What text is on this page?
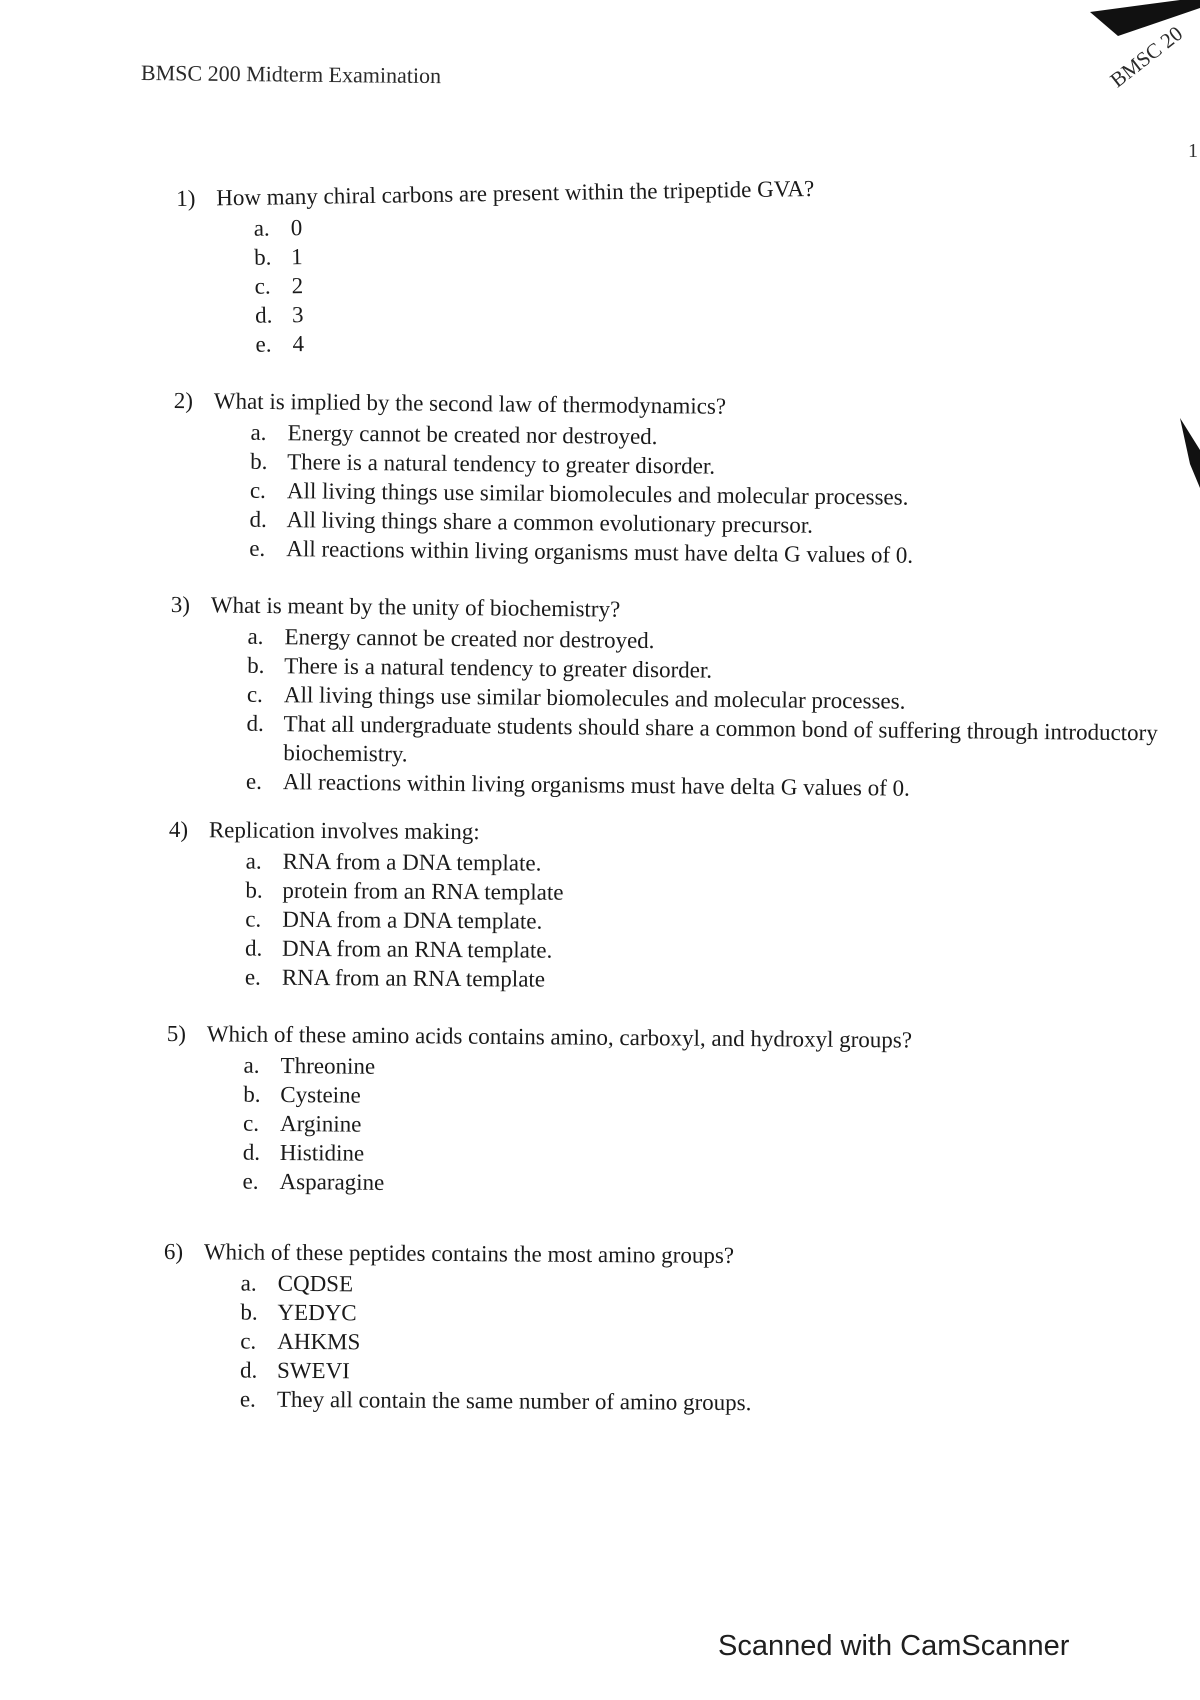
BMSC 200 Midterm Examination	BMSC 20
1
1) How many chiral carbons are present within the tripeptide GVA?
a. 0
b. 1
c. 2
d. 3
e. 4
2) What is implied by the second law of thermodynamics?
a. Energy cannot be created nor destroyed.
b. There is a natural tendency to greater disorder.
c. All living things use similar biomolecules and molecular processes.
d. All living things share a common evolutionary precursor.
e. All reactions within living organisms must have delta G values of 0.
3) What is meant by the unity of biochemistry?
a. Energy cannot be created nor destroyed.
b. There is a natural tendency to greater disorder.
c. All living things use similar biomolecules and molecular processes.
d. That all undergraduate students should share a common bond of suffering through introductory biochemistry.
e. All reactions within living organisms must have delta G values of 0.
4) Replication involves making:
a. RNA from a DNA template.
b. protein from an RNA template
c. DNA from a DNA template.
d. DNA from an RNA template.
e. RNA from an RNA template
5) Which of these amino acids contains amino, carboxyl, and hydroxyl groups?
a. Threonine
b. Cysteine
c. Arginine
d. Histidine
e. Asparagine
6) Which of these peptides contains the most amino groups?
a. CQDSE
b. YEDYC
c. AHKMS
d. SWEVI
e. They all contain the same number of amino groups.
Scanned with CamScanner
